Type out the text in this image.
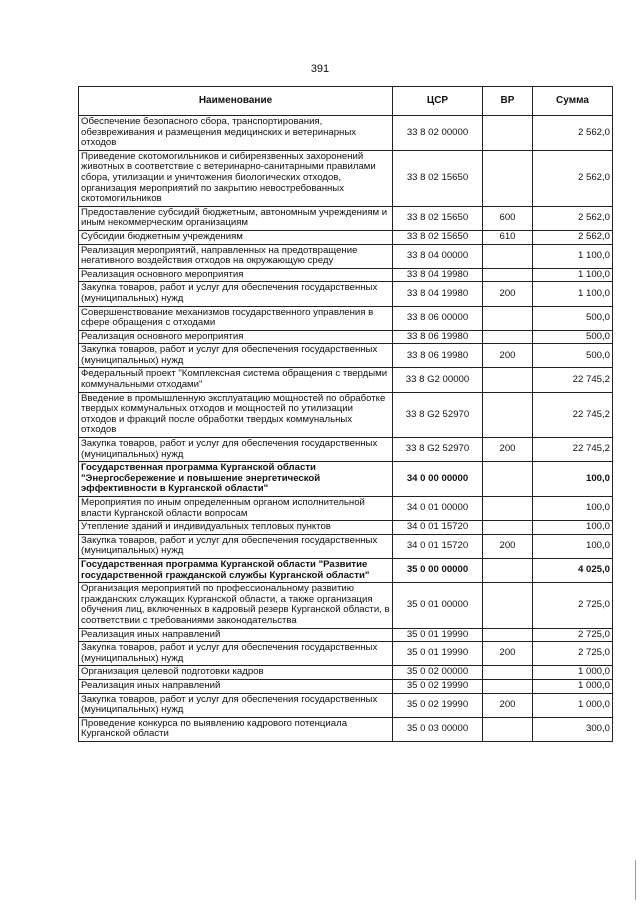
391
Наименование	ЦСР	ВР	Сумма
Обеспечение безопасного сбора, транспортирования, обезвреживания и размещения медицинских и ветеринарных отходов	33 8 02 00000		2 562,0
Приведение скотомогильников и сибиреязвенных захоронений животных в соответствие с ветеринарно-санитарными правилами сбора, утилизации и уничтожения биологических отходов, организация мероприятий по закрытию невостребованных скотомогильников	33 8 02 15650		2 562,0
Предоставление субсидий бюджетным, автономным учреждениям и иным некоммерческим организациям	33 8 02 15650	600	2 562,0
Субсидии бюджетным учреждениям	33 8 02 15650	610	2 562,0
Реализация мероприятий, направленных на предотвращение негативного воздействия отходов на окружающую среду	33 8 04 00000		1 100,0
Реализация основного мероприятия	33 8 04 19980		1 100,0
Закупка товаров, работ и услуг для обеспечения государственных (муниципальных) нужд	33 8 04 19980	200	1 100,0
Совершенствование механизмов государственного управления в сфере обращения с отходами	33 8 06 00000		500,0
Реализация основного мероприятия	33 8 06 19980		500,0
Закупка товаров, работ и услуг для обеспечения государственных (муниципальных) нужд	33 8 06 19980	200	500,0
Федеральный проект "Комплексная система обращения с твердыми коммунальными отходами"	33 8 G2 00000		22 745,2
Введение в промышленную эксплуатацию мощностей по обработке твердых коммунальных отходов и мощностей по утилизации отходов и фракций после обработки твердых коммунальных отходов	33 8 G2 52970		22 745,2
Закупка товаров, работ и услуг для обеспечения государственных (муниципальных) нужд	33 8 G2 52970	200	22 745,2
Государственная программа Курганской области "Энергосбережение и повышение энергетической эффективности в Курганской области"	34 0 00 00000		100,0
Мероприятия по иным определенным органом исполнительной власти Курганской области вопросам	34 0 01 00000		100,0
Утепление зданий и индивидуальных тепловых пунктов	34 0 01 15720		100,0
Закупка товаров, работ и услуг для обеспечения государственных (муниципальных) нужд	34 0 01 15720	200	100,0
Государственная программа Курганской области "Развитие государственной гражданской службы Курганской области"	35 0 00 00000		4 025,0
Организация мероприятий по профессиональному развитию гражданских служащих Курганской области, а также организация обучения лиц, включенных в кадровый резерв Курганской области, в соответствии с требованиями законодательства	35 0 01 00000		2 725,0
Реализация иных направлений	35 0 01 19990		2 725,0
Закупка товаров, работ и услуг для обеспечения государственных (муниципальных) нужд	35 0 01 19990	200	2 725,0
Организация целевой подготовки кадров	35 0 02 00000		1 000,0
Реализация иных направлений	35 0 02 19990		1 000,0
Закупка товаров, работ и услуг для обеспечения государственных (муниципальных) нужд	35 0 02 19990	200	1 000,0
Проведение конкурса по выявлению кадрового потенциала Курганской области	35 0 03 00000		300,0
